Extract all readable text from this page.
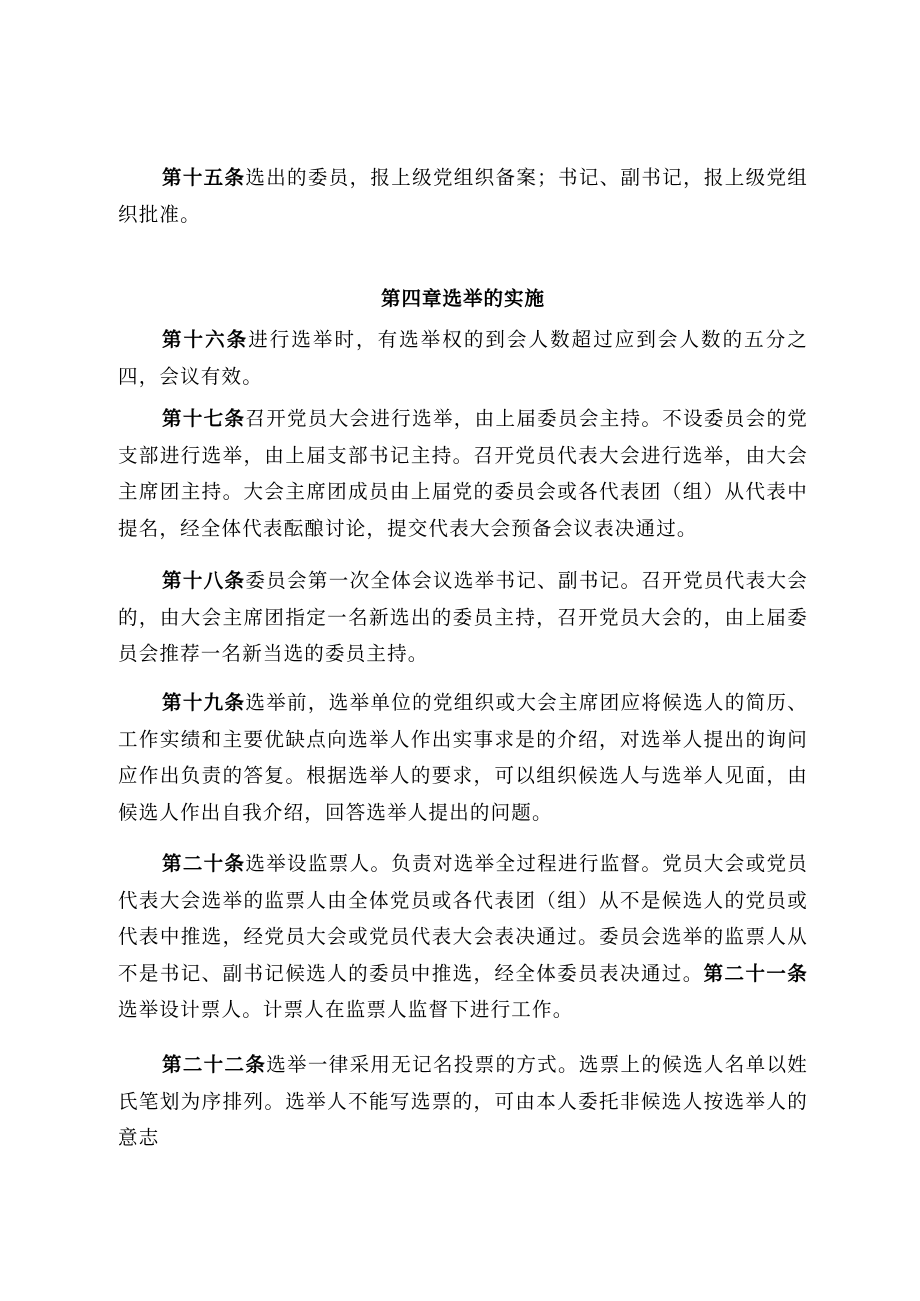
第十五条选出的委员，报上级党组织备案；书记、副书记，报上级党组织批准。

第四章选举的实施

第十六条进行选举时，有选举权的到会人数超过应到会人数的五分之四，会议有效。

第十七条召开党员大会进行选举，由上届委员会主持。不设委员会的党支部进行选举，由上届支部书记主持。召开党员代表大会进行选举，由大会主席团主持。大会主席团成员由上届党的委员会或各代表团（组）从代表中提名，经全体代表酝酿讨论，提交代表大会预备会议表决通过。

第十八条委员会第一次全体会议选举书记、副书记。召开党员代表大会的，由大会主席团指定一名新选出的委员主持，召开党员大会的，由上届委员会推荐一名新当选的委员主持。

第十九条选举前，选举单位的党组织或大会主席团应将候选人的简历、工作实绩和主要优缺点向选举人作出实事求是的介绍，对选举人提出的询问应作出负责的答复。根据选举人的要求，可以组织候选人与选举人见面，由候选人作出自我介绍，回答选举人提出的问题。

第二十条选举设监票人。负责对选举全过程进行监督。党员大会或党员代表大会选举的监票人由全体党员或各代表团（组）从不是候选人的党员或代表中推选，经党员大会或党员代表大会表决通过。委员会选举的监票人从不是书记、副书记候选人的委员中推选，经全体委员表决通过。第二十一条选举设计票人。计票人在监票人监督下进行工作。

第二十二条选举一律采用无记名投票的方式。选票上的候选人名单以姓氏笔划为序排列。选举人不能写选票的，可由本人委托非候选人按选举人的意志
